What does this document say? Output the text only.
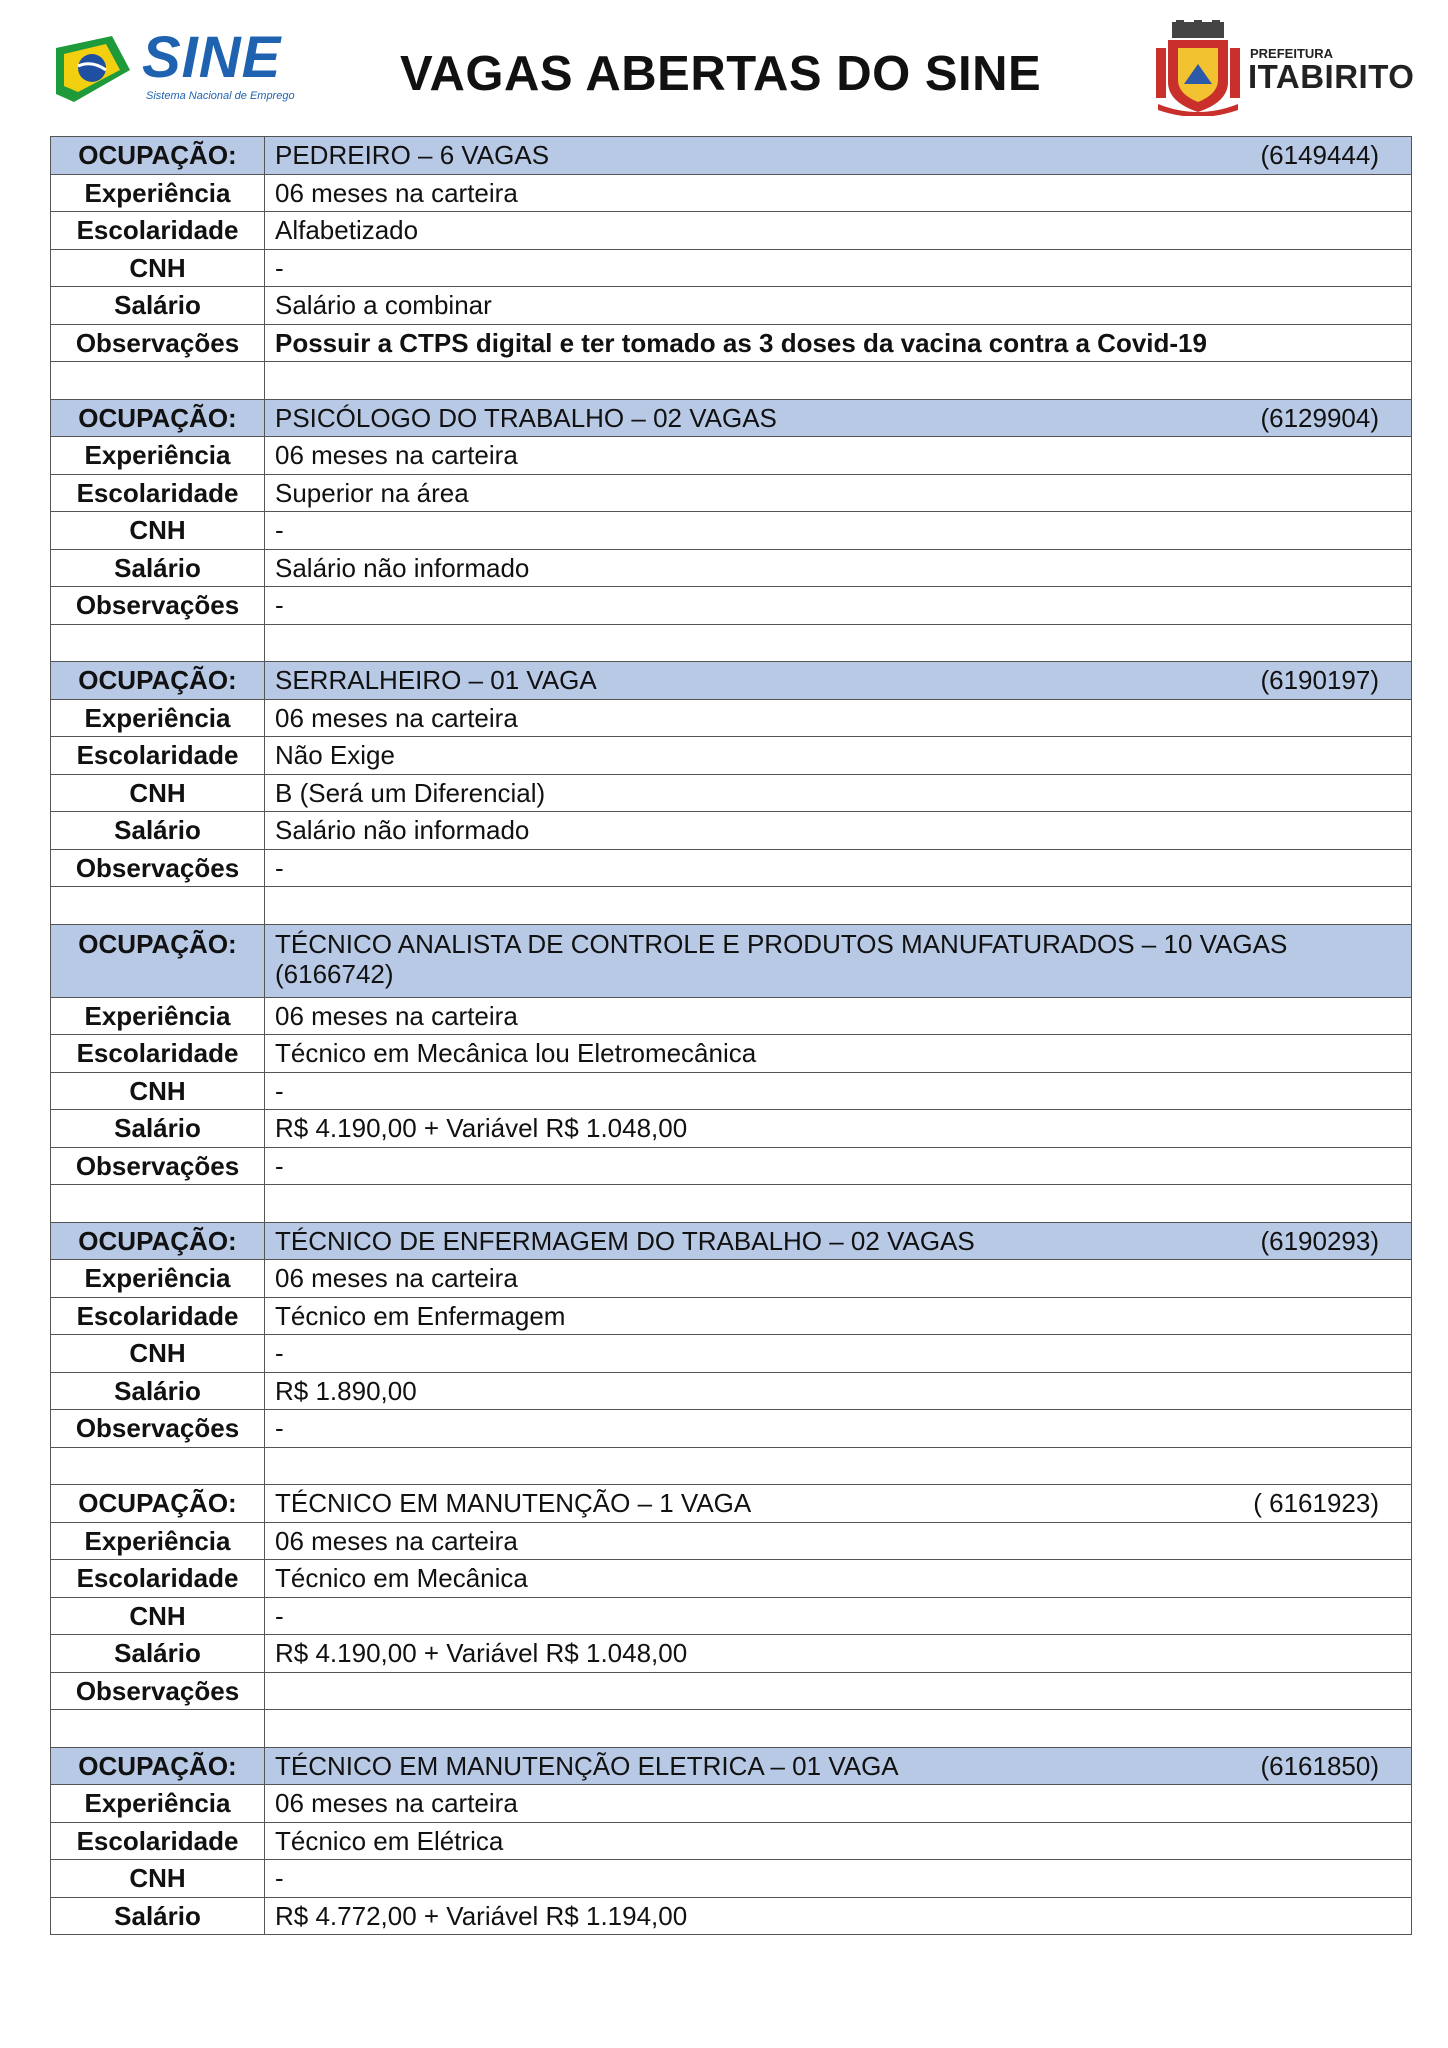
SINE
Sistema Nacional de Emprego VAGAS ABERTAS DO SINE	PREFEITURA
ITABIRITO
OCUPAÇÃO:	PEDREIRO – 6 VAGAS (6149444)

Experiência	06 meses na carteira
Escolaridade	Alfabetizado
CNH	-
Salário	Salário a combinar
Observações	Possuir a CTPS digital e ter tomado as 3 doses da vacina contra a Covid-19

OCUPAÇÃO:	PSICÓLOGO DO TRABALHO – 02 VAGAS (6129904)

Experiência	06 meses na carteira
Escolaridade	Superior na área
CNH	-
Salário	Salário não informado
Observações	-

OCUPAÇÃO:	SERRALHEIRO – 01 VAGA (6190197)

Experiência	06 meses na carteira
Escolaridade	Não Exige
CNH	B (Será um Diferencial)
Salário	Salário não informado
Observações	-

OCUPAÇÃO:	TÉCNICO ANALISTA DE CONTROLE E PRODUTOS MANUFATURADOS – 10 VAGAS
(6166742)

Experiência	06 meses na carteira
Escolaridade	Técnico em Mecânica lou Eletromecânica
CNH	-
Salário	R$ 4.190,00 + Variável R$ 1.048,00
Observações	-

OCUPAÇÃO:	TÉCNICO DE ENFERMAGEM DO TRABALHO – 02 VAGAS (6190293)

Experiência	06 meses na carteira
Escolaridade	Técnico em Enfermagem
CNH	-
Salário	R$ 1.890,00
Observações	-

OCUPAÇÃO:	TÉCNICO EM MANUTENÇÃO – 1 VAGA ( 6161923)

Experiência	06 meses na carteira
Escolaridade	Técnico em Mecânica
CNH	-
Salário	R$ 4.190,00 + Variável R$ 1.048,00
Observações	

OCUPAÇÃO:	TÉCNICO EM MANUTENÇÃO ELETRICA – 01 VAGA (6161850)

Experiência	06 meses na carteira
Escolaridade	Técnico em Elétrica
CNH	-
Salário	R$ 4.772,00 + Variável R$ 1.194,00
